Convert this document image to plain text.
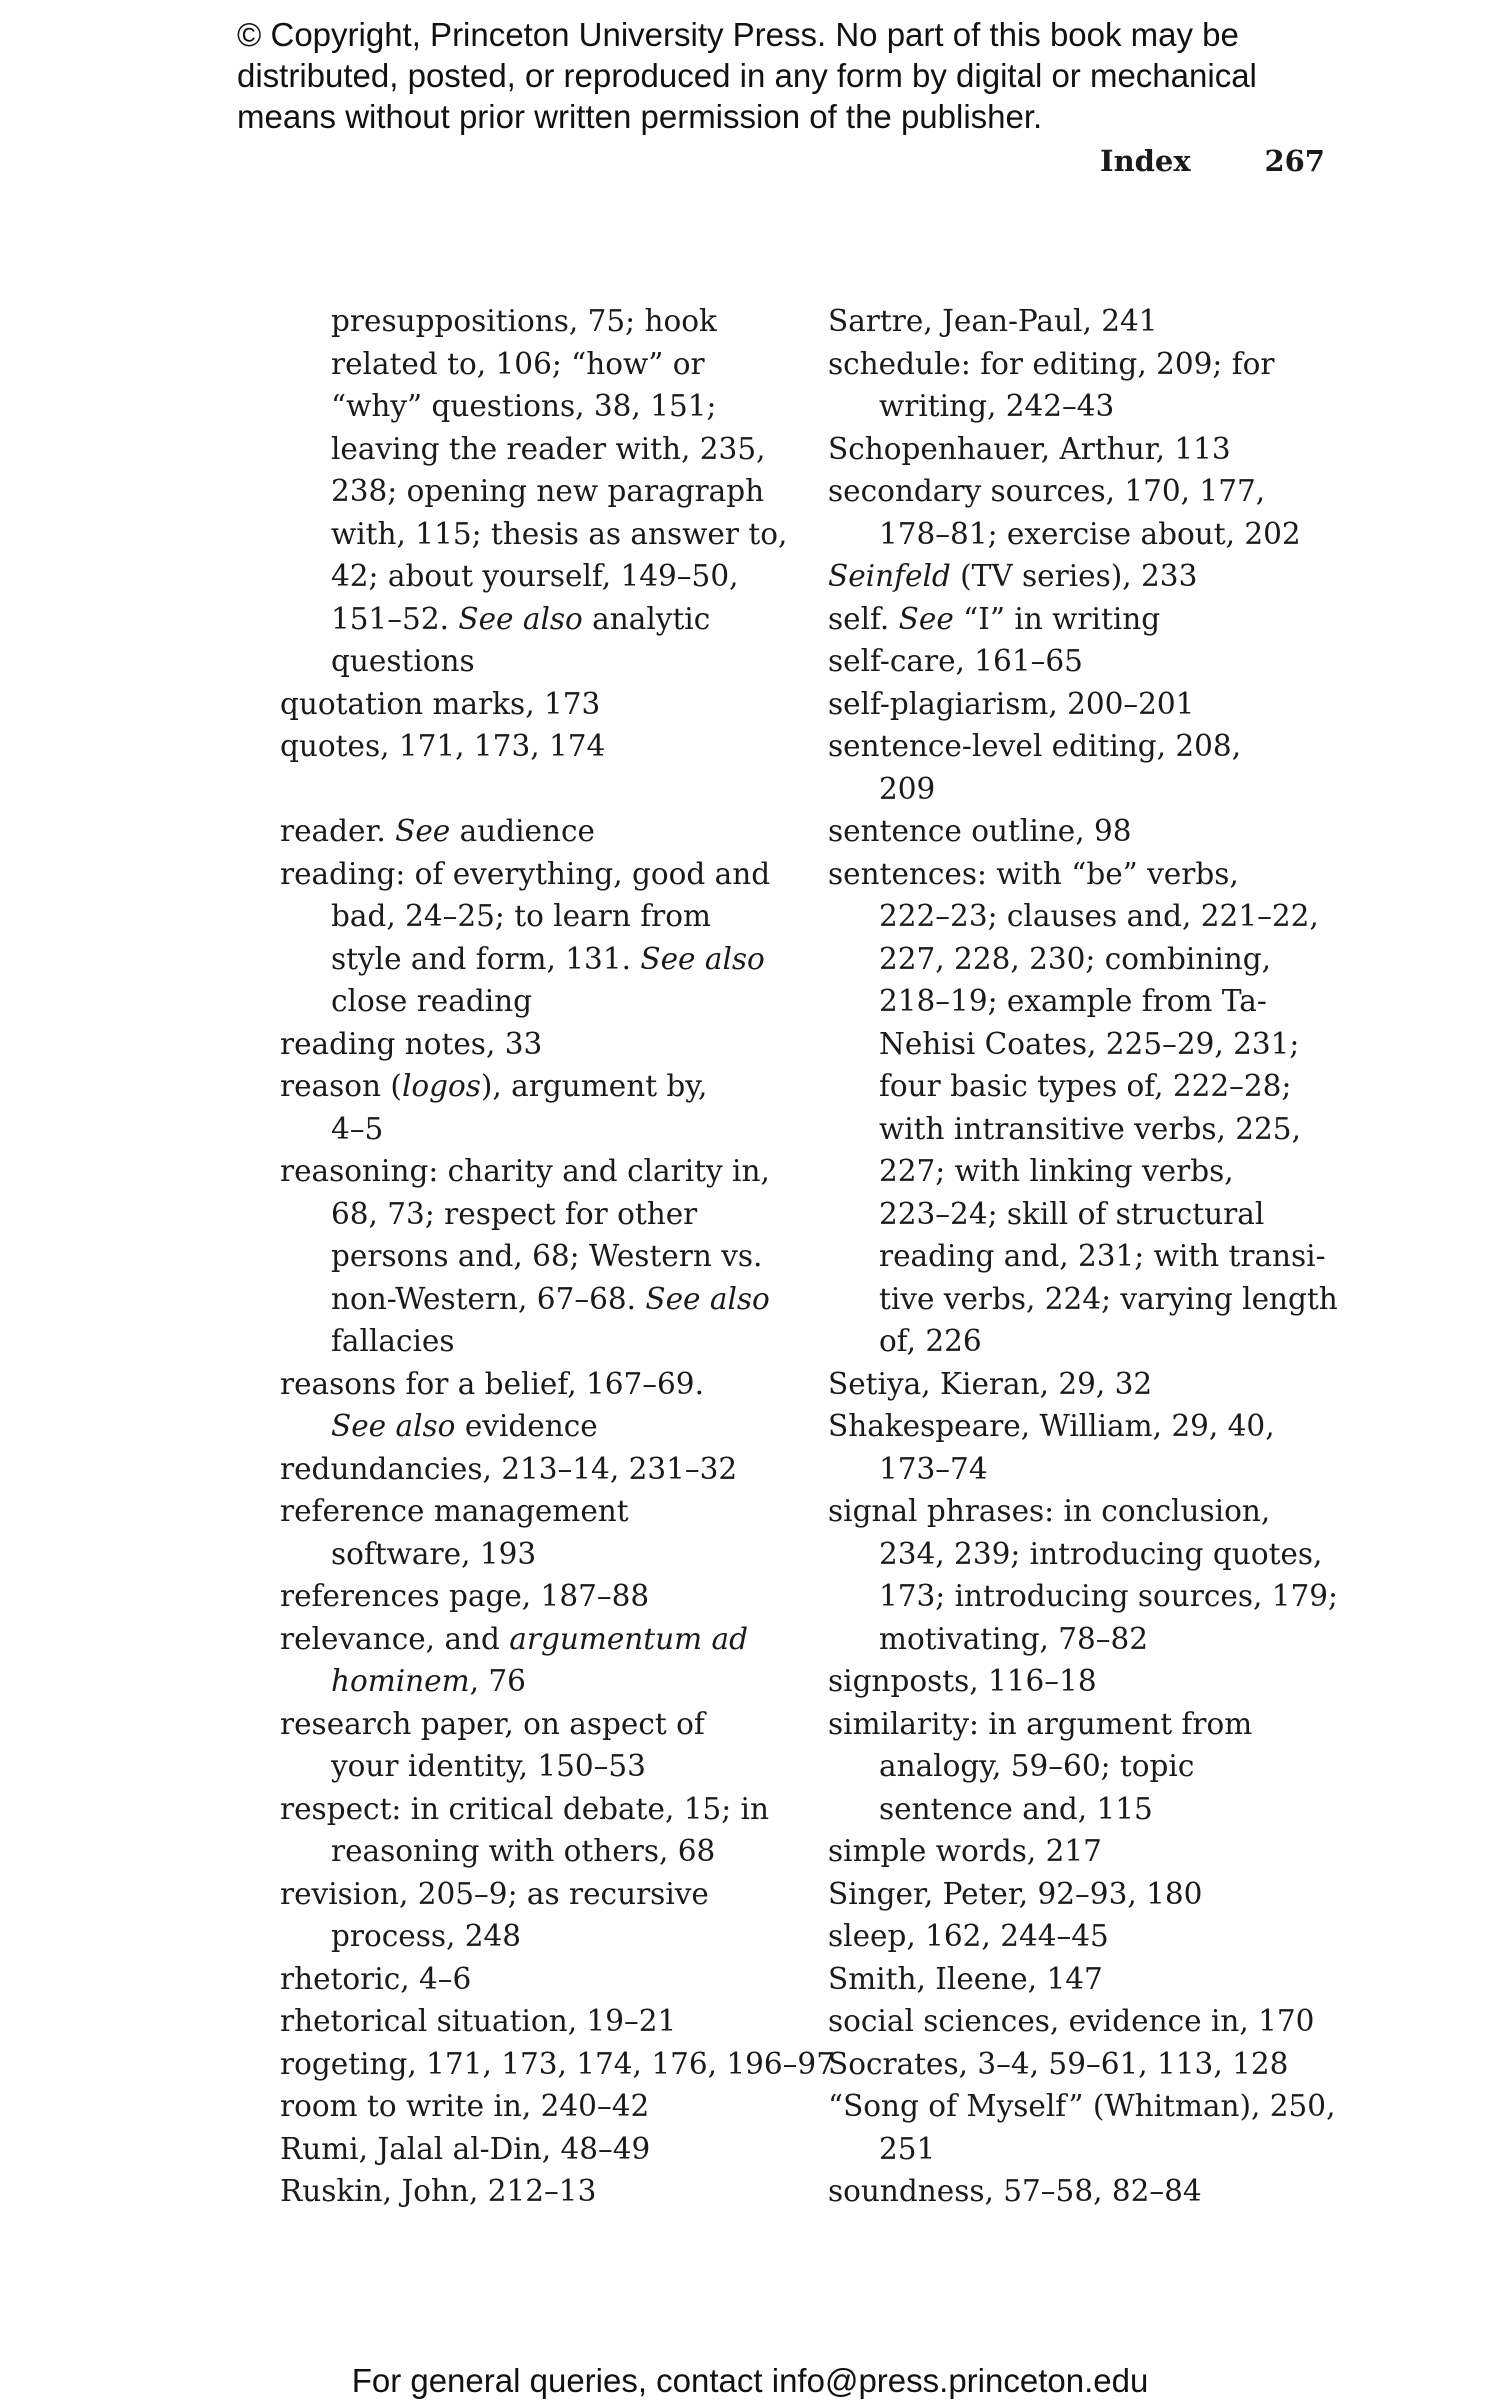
© Copyright, Princeton University Press. No part of this book may be
distributed, posted, or reproduced in any form by digital or mechanical
means without prior written permission of the publisher.
Index	267
presuppositions, 75; hook
related to, 106; “how” or
“why” questions, 38, 151;
leaving the reader with, 235,
238; opening new paragraph
with, 115; thesis as answer to,
42; about yourself, 149–50,
151–52. See also analytic
questions
quotation marks, 173
quotes, 171, 173, 174
reader. See audience
reading: of everything, good and
bad, 24–25; to learn from
style and form, 131. See also
close reading
reading notes, 33
reason (logos), argument by,
4–5
reasoning: charity and clarity in,
68, 73; respect for other
persons and, 68; Western vs.
non-Western, 67–68. See also
fallacies
reasons for a belief, 167–69.
See also evidence
redundancies, 213–14, 231–32
reference management
software, 193
references page, 187–88
relevance, and argumentum ad
hominem, 76
research paper, on aspect of
your identity, 150–53
respect: in critical debate, 15; in
reasoning with others, 68
revision, 205–9; as recursive
process, 248
rhetoric, 4–6
rhetorical situation, 19–21
rogeting, 171, 173, 174, 176, 196–97
room to write in, 240–42
Rumi, Jalal al-Din, 48–49
Ruskin, John, 212–13
Sartre, Jean-Paul, 241
schedule: for editing, 209; for
writing, 242–43
Schopenhauer, Arthur, 113
secondary sources, 170, 177,
178–81; exercise about, 202
Seinfeld (TV series), 233
self. See “I” in writing
self-care, 161–65
self-plagiarism, 200–201
sentence-level editing, 208,
209
sentence outline, 98
sentences: with “be” verbs,
222–23; clauses and, 221–22,
227, 228, 230; combining,
218–19; example from Ta-
Nehisi Coates, 225–29, 231;
four basic types of, 222–28;
with intransitive verbs, 225,
227; with linking verbs,
223–24; skill of structural
reading and, 231; with transi-
tive verbs, 224; varying length
of, 226
Setiya, Kieran, 29, 32
Shakespeare, William, 29, 40,
173–74
signal phrases: in conclusion,
234, 239; introducing quotes,
173; introducing sources, 179;
motivating, 78–82
signposts, 116–18
similarity: in argument from
analogy, 59–60; topic
sentence and, 115
simple words, 217
Singer, Peter, 92–93, 180
sleep, 162, 244–45
Smith, Ileene, 147
social sciences, evidence in, 170
Socrates, 3–4, 59–61, 113, 128
“Song of Myself” (Whitman), 250,
251
soundness, 57–58, 82–84
For general queries, contact info@press.princeton.edu
